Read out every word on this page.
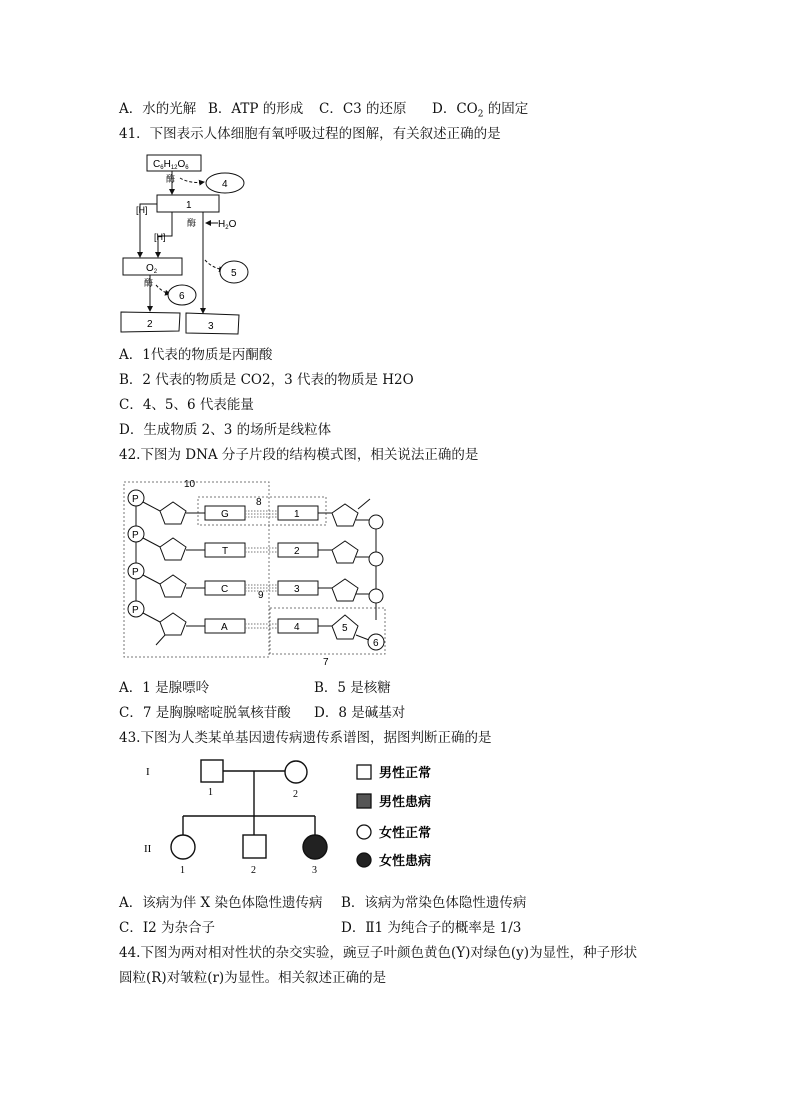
A．水的光解 B．ATP 的形成 C．C3 的还原 D．$CO_2$ 的固定
41．下图表示人体细胞有氧呼吸过程的图解，有关叙述正确的是
$C_6H_{12}O_6$
酶	4
1
[H]
酶 $H_2O$
[H]
5
$O_2$
酶
6
2	3
A．1代表的物质是丙酮酸
B．2 代表的物质是 CO2，3 代表的物质是 H2O
C．4、5、6 代表能量
D．生成物质 2、3 的场所是线粒体
42.下图为 DNA 分子片段的结构模式图，相关说法正确的是
10
8
9
7
P
G	1
P
T	2
P
C	3
P
A	4	5
6
A．1 是腺嘌呤	B．5 是核糖
C．7 是胸腺嘧啶脱氧核苷酸 D．8 是碱基对
43.下图为人类某单基因遗传病遗传系谱图，据图判断正确的是
I
II
1	2
1	2	3
男性正常
男性患病
女性正常
女性患病
A．该病为伴 X 染色体隐性遗传病 B．该病为常染色体隐性遗传病
C．I2 为杂合子	D．Ⅱ1 为纯合子的概率是 1/3
44.下图为两对相对性状的杂交实验，豌豆子叶颜色黄色(Y)对绿色(y)为显性，种子形状
圆粒(R)对皱粒(r)为显性。相关叙述正确的是
